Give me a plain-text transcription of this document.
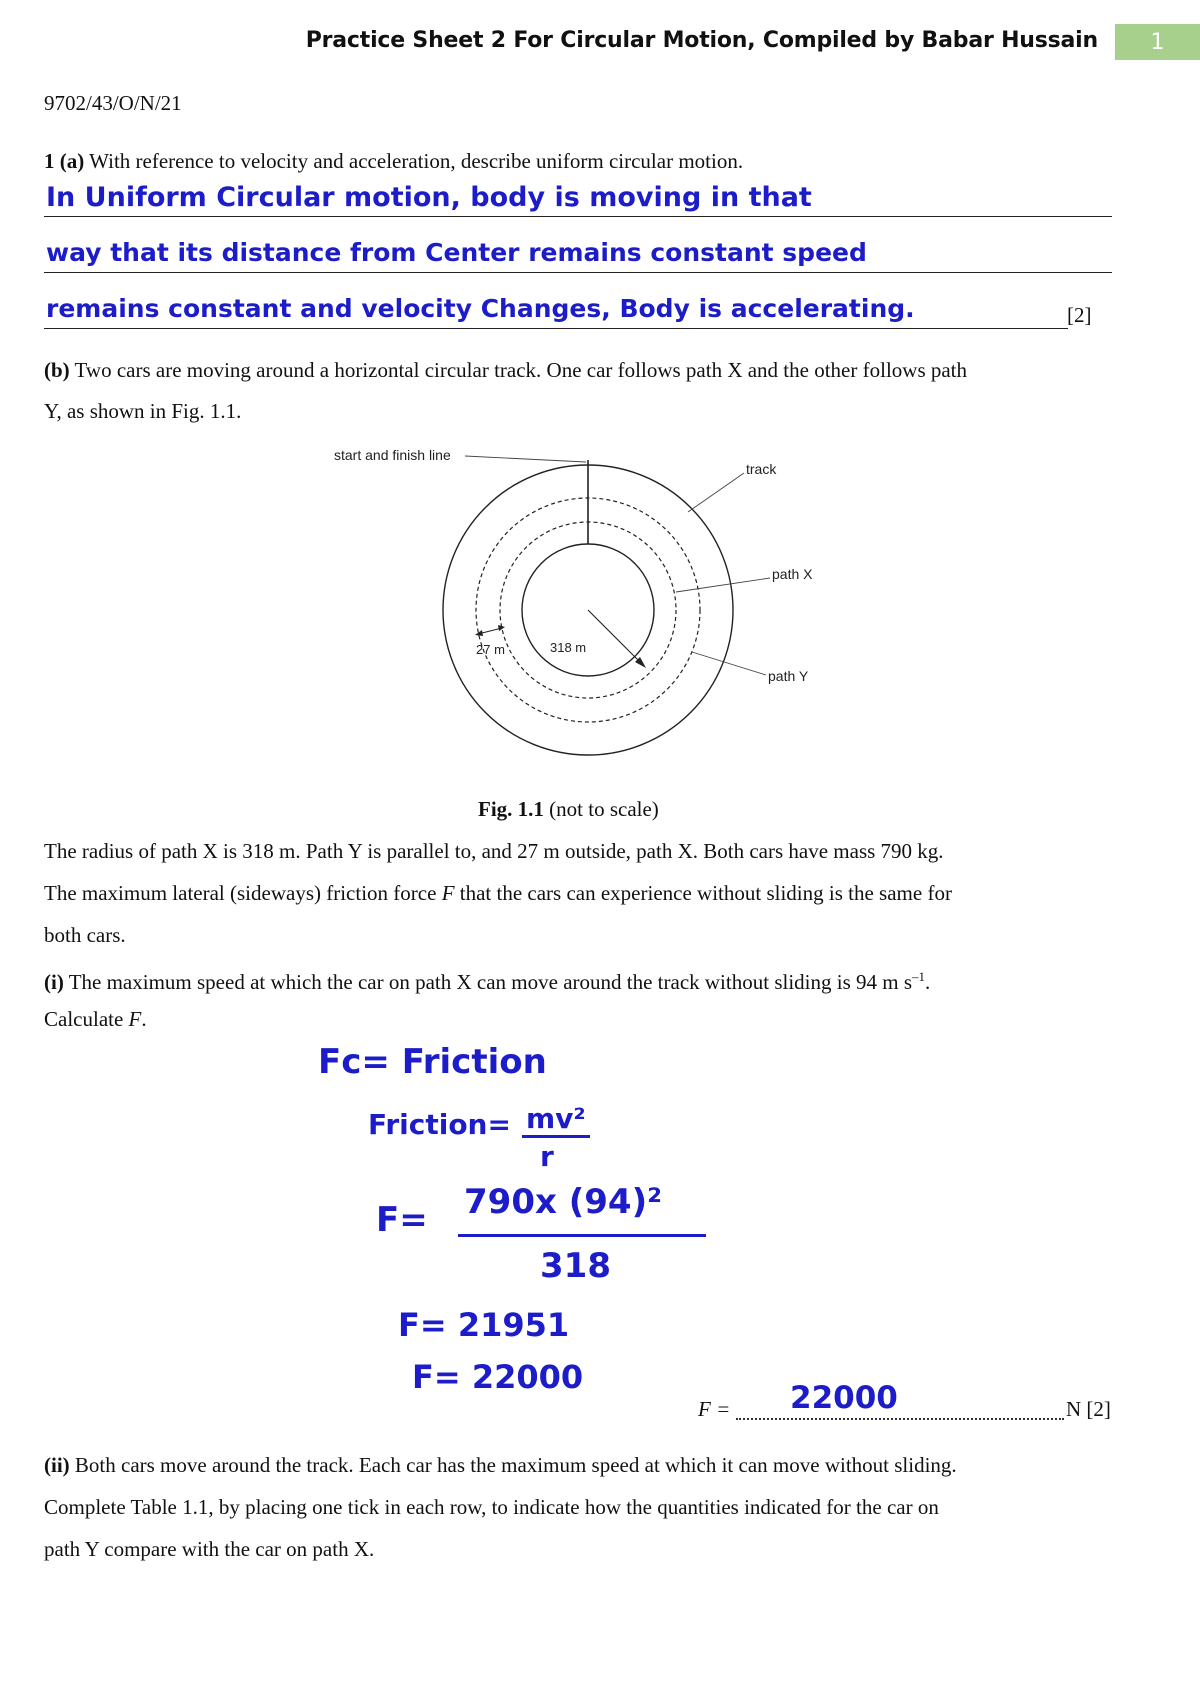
Practice Sheet 2 For Circular Motion, Compiled by Babar Hussain	1
9702/43/O/N/21
1 (a) With reference to velocity and acceleration, describe uniform circular motion.
In Uniform Circular motion, body is moving in that
way that its distance from Center remains constant speed
remains constant and velocity Changes, Body is accelerating.	[2]
(b) Two cars are moving around a horizontal circular track. One car follows path X and the other follows path
Y, as shown in Fig. 1.1.
start and finish line
track
path X
path Y
318 m
27 m
Fig. 1.1 (not to scale)
The radius of path X is 318 m. Path Y is parallel to, and 27 m outside, path X. Both cars have mass 790 kg.
The maximum lateral (sideways) friction force F that the cars can experience without sliding is the same for
both cars.
(i) The maximum speed at which the car on path X can move around the track without sliding is 94 m $s^{-1}$.
Calculate F.
Fc= Friction
Friction= mv²
r
F= 790x (94)²
318
F= 21951
F= 22000
F = 22000	N [2]
(ii) Both cars move around the track. Each car has the maximum speed at which it can move without sliding.
Complete Table 1.1, by placing one tick in each row, to indicate how the quantities indicated for the car on
path Y compare with the car on path X.
